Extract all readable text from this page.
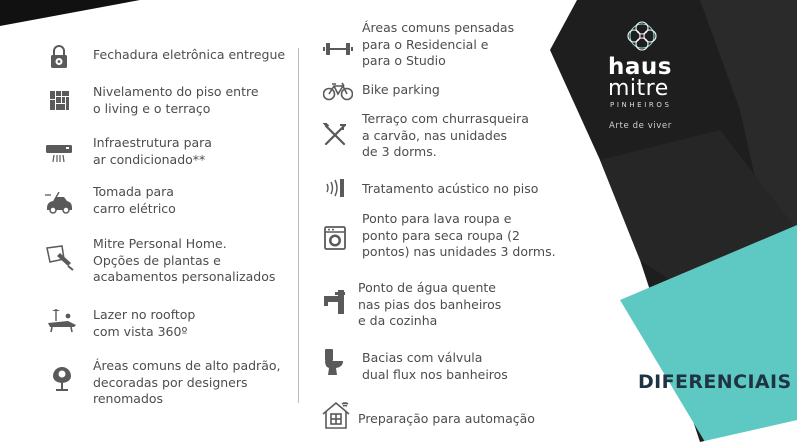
haus
mitre
PINHEIROS
Arte de viver
DIFERENCIAIS
Fechadura eletrônica entregue
Nivelamento do piso entre
o living e o terraço
Infraestrutura para
ar condicionado**
Tomada para
carro elétrico
Mitre Personal Home.
Opções de plantas e
acabamentos personalizados
Lazer no rooftop
com vista 360º
Áreas comuns de alto padrão,
decoradas por designers
renomados
Áreas comuns pensadas
para o Residencial e
para o Studio
Bike parking
Terraço com churrasqueira
a carvão, nas unidades
de 3 dorms.
Tratamento acústico no piso
Ponto para lava roupa e
ponto para seca roupa (2
pontos) nas unidades 3 dorms.
Ponto de água quente
nas pias dos banheiros
e da cozinha
Bacias com válvula
dual flux nos banheiros
Preparação para automação
